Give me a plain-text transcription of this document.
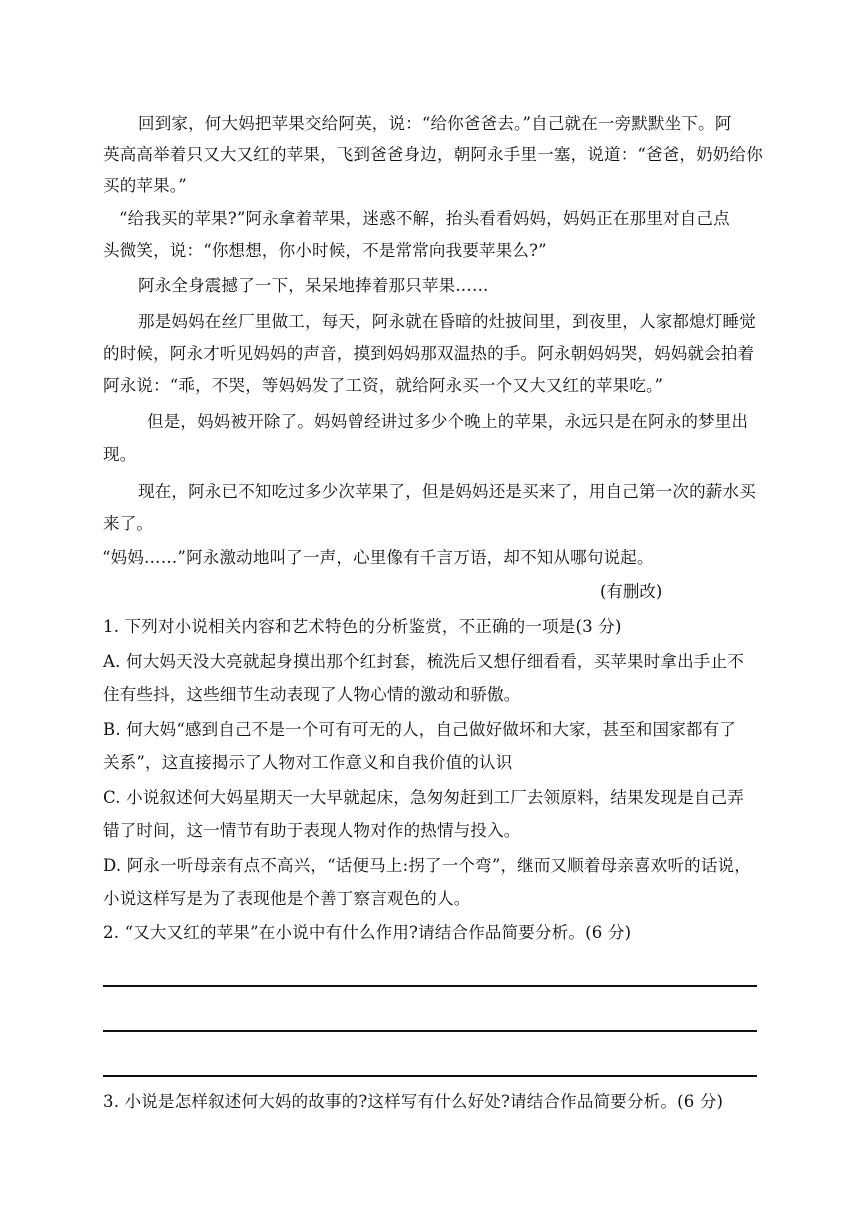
回到家，何大妈把苹果交给阿英，说：“给你爸爸去。”自己就在一旁默默坐下。阿
英高高举着只又大又红的苹果，飞到爸爸身边，朝阿永手里一塞，说道：“爸爸，奶奶给你
买的苹果。”
“给我买的苹果?”阿永拿着苹果，迷惑不解，抬头看看妈妈，妈妈正在那里对自己点
头微笑，说：“你想想，你小时候，不是常常向我要苹果么?”
阿永全身震撼了一下，呆呆地捧着那只苹果……
那是妈妈在丝厂里做工，每天，阿永就在昏暗的灶披间里，到夜里，人家都熄灯睡觉
的时候，阿永才听见妈妈的声音，摸到妈妈那双温热的手。阿永朝妈妈哭，妈妈就会拍着
阿永说：“乖，不哭，等妈妈发了工资，就给阿永买一个又大又红的苹果吃。”
但是，妈妈被开除了。妈妈曾经讲过多少个晚上的苹果，永远只是在阿永的梦里出
现。
现在，阿永已不知吃过多少次苹果了，但是妈妈还是买来了，用自己第一次的薪水买
来了。
“妈妈……”阿永激动地叫了一声，心里像有千言万语，却不知从哪句说起。
(有删改)
1. 下列对小说相关内容和艺术特色的分析鉴赏，不正确的一项是(3 分)
A. 何大妈天没大亮就起身摸出那个红封套，梳洗后又想仔细看看，买苹果时拿出手止不
住有些抖，这些细节生动表现了人物心情的激动和骄傲。
B. 何大妈“感到自己不是一个可有可无的人，自己做好做坏和大家，甚至和国家都有了
关系”，这直接揭示了人物对工作意义和自我价值的认识
C. 小说叙述何大妈星期天一大早就起床，急匆匆赶到工厂去领原料，结果发现是自己弄
错了时间，这一情节有助于表现人物对作的热情与投入。
D. 阿永一听母亲有点不高兴，“话便马上:拐了一个弯”，继而又顺着母亲喜欢听的话说，
小说这样写是为了表现他是个善丁察言观色的人。
2. “又大又红的苹果”在小说中有什么作用?请结合作品简要分析。(6 分)
3. 小说是怎样叙述何大妈的故事的?这样写有什么好处?请结合作品简要分析。(6 分)
